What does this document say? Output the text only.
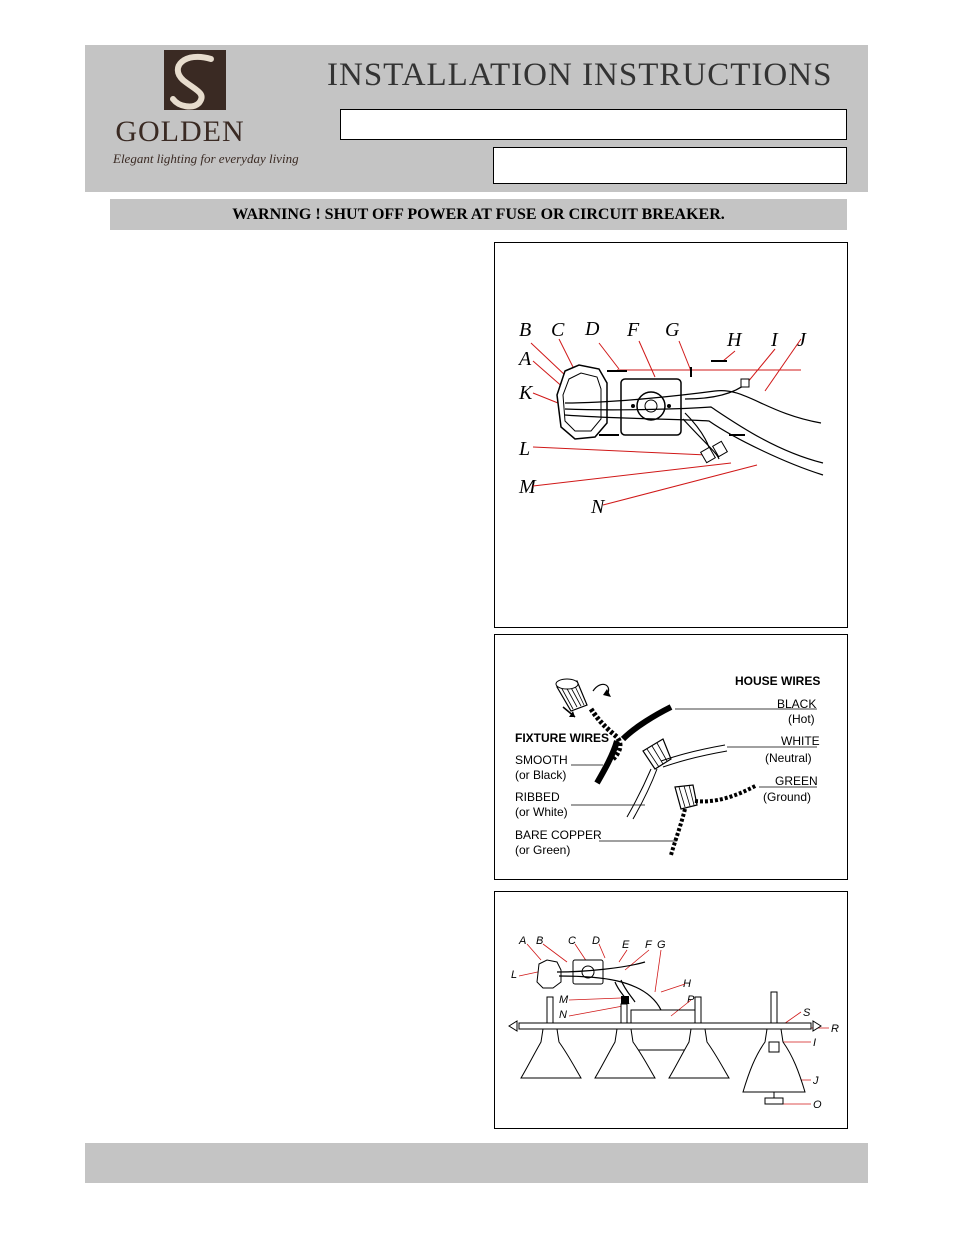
GOLDEN
Elegant lighting for everyday living
INSTALLATION INSTRUCTIONS
WARNING ! SHUT OFF POWER AT FUSE OR CIRCUIT BREAKER.
B C D F G H I J
A
K
L
M
N
HOUSE WIRES
BLACK
(Hot)
FIXTURE WIRES	WHITE
(Neutral)
SMOOTH
(or Black)	GREEN
(Ground)
RIBBED
(or White)
BARE COPPER
(or Green)
A B C D E F G
L
H
M	P
N	S
R
I
J
O
